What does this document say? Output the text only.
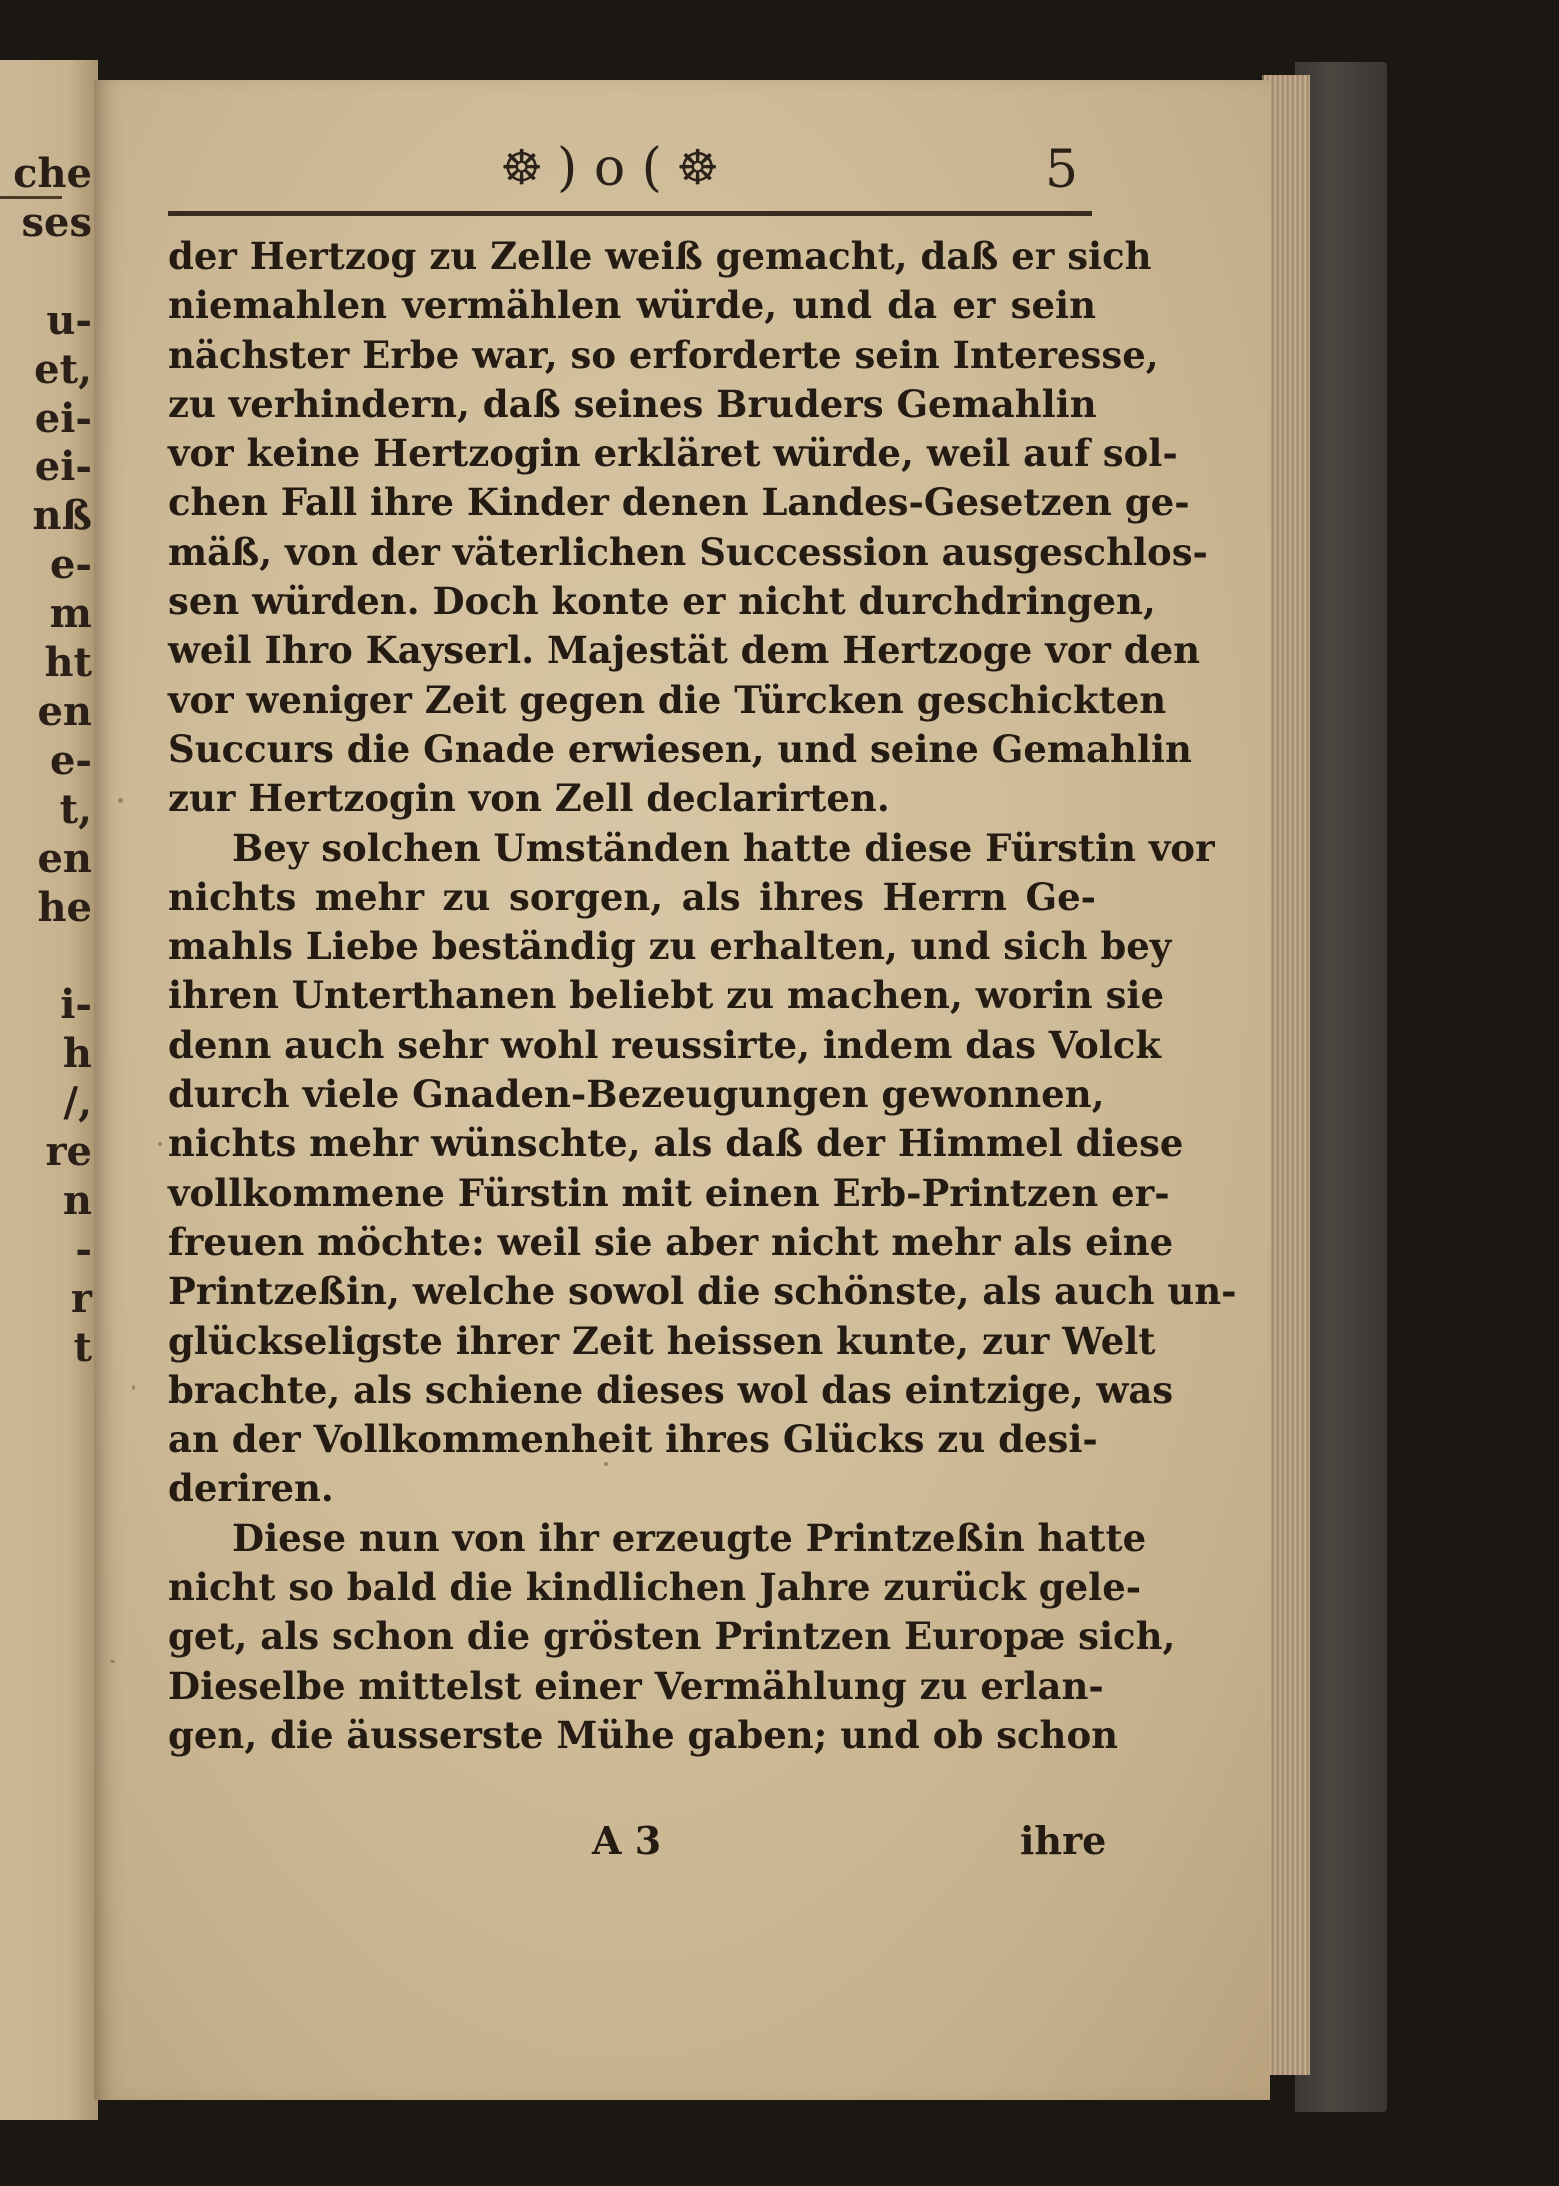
che
ses

u-
et,
ei-
ei-
nß
e-
m
ht
en
e-
t,
en
he

i-
h
/,
re
n
-
r
t
☸ ) o ( ☸	5
der Hertzog zu Zelle weiß gemacht, daß er sich
niemahlen vermählen würde, und da er sein
nächster Erbe war, so erforderte sein Interesse,
zu verhindern, daß seines Bruders Gemahlin
vor keine Hertzogin erkläret würde, weil auf sol-
chen Fall ihre Kinder denen Landes-Gesetzen ge-
mäß, von der väterlichen Succession ausgeschlos-
sen würden. Doch konte er nicht durchdringen,
weil Ihro Kayserl. Majestät dem Hertzoge vor den
vor weniger Zeit gegen die Türcken geschickten
Succurs die Gnade erwiesen, und seine Gemahlin
zur Hertzogin von Zell declarirten.
Bey solchen Umständen hatte diese Fürstin vor
nichts mehr zu sorgen, als ihres Herrn Ge-
mahls Liebe beständig zu erhalten, und sich bey
ihren Unterthanen beliebt zu machen, worin sie
denn auch sehr wohl reussirte, indem das Volck
durch viele Gnaden-Bezeugungen gewonnen,
nichts mehr wünschte, als daß der Himmel diese
vollkommene Fürstin mit einen Erb-Printzen er-
freuen möchte: weil sie aber nicht mehr als eine
Printzeßin, welche sowol die schönste, als auch un-
glückseligste ihrer Zeit heissen kunte, zur Welt
brachte, als schiene dieses wol das eintzige, was
an der Vollkommenheit ihres Glücks zu desi-
deriren.
Diese nun von ihr erzeugte Printzeßin hatte
nicht so bald die kindlichen Jahre zurück gele-
get, als schon die grösten Printzen Europæ sich,
Dieselbe mittelst einer Vermählung zu erlan-
gen, die äusserste Mühe gaben; und ob schon
A 3	ihre
